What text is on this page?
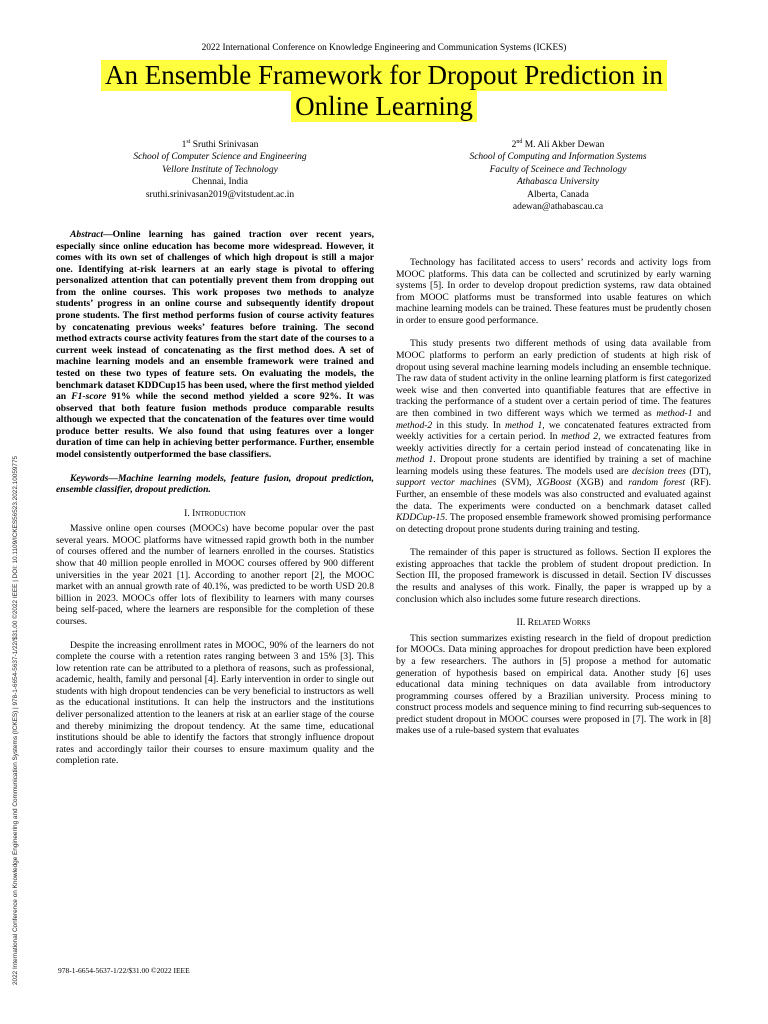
2022 International Conference on Knowledge Engineering and Communication Systems (ICKES)
An Ensemble Framework for Dropout Prediction in
Online Learning
1st Sruthi Srinivasan
School of Computer Science and Engineering
Vellore Institute of Technology
Chennai, India
sruthi.srinivasan2019@vitstudent.ac.in
2nd M. Ali Akber Dewan
School of Computing and Information Systems
Faculty of Sceinece and Technology
Athabasca University
Alberta, Canada
adewan@athabascau.ca

Abstract—Online learning has gained traction over recent years, especially since online education has become more widespread. However, it comes with its own set of challenges of which high dropout is still a major one. Identifying at-risk learners at an early stage is pivotal to offering personalized attention that can potentially prevent them from dropping out from the online courses. This work proposes two methods to analyze students’ progress in an online course and subsequently identify dropout prone students. The first method performs fusion of course activity features by concatenating previous weeks’ features before training. The second method extracts course activity features from the start date of the courses to a current week instead of concatenating as the first method does. A set of machine learning models and an ensemble framework were trained and tested on these two types of feature sets. On evaluating the models, the benchmark dataset KDDCup15 has been used, where the first method yielded an F1-score 91% while the second method yielded a score 92%. It was observed that both feature fusion methods produce comparable results although we expected that the concatenation of the features over time would produce better results. We also found that using features over a longer duration of time can help in achieving better performance. Further, ensemble model consistently outperformed the base classifiers.

Keywords—Machine learning models, feature fusion, dropout prediction, ensemble classifier, dropout prediction.

I. Introduction

Massive online open courses (MOOCs) have become popular over the past several years. MOOC platforms have witnessed rapid growth both in the number of courses offered and the number of learners enrolled in the courses. Statistics show that 40 million people enrolled in MOOC courses offered by 900 different universities in the year 2021 [1]. According to another report [2], the MOOC market with an annual growth rate of 40.1%, was predicted to be worth USD 20.8 billion in 2023. MOOCs offer lots of flexibility to learners with many courses being self-paced, where the learners are responsible for the completion of these courses.

Despite the increasing enrollment rates in MOOC, 90% of the learners do not complete the course with a retention rates ranging between 3 and 15% [3]. This low retention rate can be attributed to a plethora of reasons, such as professional, academic, health, family and personal [4]. Early intervention in order to single out students with high dropout tendencies can be very beneficial to instructors as well as the educational institutions. It can help the instructors and the institutions deliver personalized attention to the leaners at risk at an earlier stage of the course and thereby minimizing the dropout tendency. At the same time, educational institutions should be able to identify the factors that strongly influence dropout rates and accordingly tailor their courses to ensure maximum quality and the completion rate.

Technology has facilitated access to users’ records and activity logs from MOOC platforms. This data can be collected and scrutinized by early warning systems [5]. In order to develop dropout prediction systems, raw data obtained from MOOC platforms must be transformed into usable features on which machine learning models can be trained. These features must be prudently chosen in order to ensure good performance.

This study presents two different methods of using data available from MOOC platforms to perform an early prediction of students at high risk of dropout using several machine learning models including an ensemble technique. The raw data of student activity in the online learning platform is first categorized week wise and then converted into quantifiable features that are effective in tracking the performance of a student over a certain period of time. The features are then combined in two different ways which we termed as method-1 and method-2 in this study. In method 1, we concatenated features extracted from weekly activities for a certain period. In method 2, we extracted features from weekly activities directly for a certain period instead of concatenating like in method 1. Dropout prone students are identified by training a set of machine learning models using these features. The models used are decision trees (DT), support vector machines (SVM), XGBoost (XGB) and random forest (RF). Further, an ensemble of these models was also constructed and evaluated against the data. The experiments were conducted on a benchmark dataset called KDDCup-15. The proposed ensemble framework showed promising performance on detecting dropout prone students during training and testing.

The remainder of this paper is structured as follows. Section II explores the existing approaches that tackle the problem of student dropout prediction. In Section III, the proposed framework is discussed in detail. Section IV discusses the results and analyses of this work. Finally, the paper is wrapped up by a conclusion which also includes some future research directions.

II. Related Works

This section summarizes existing research in the field of dropout prediction for MOOCs. Data mining approaches for dropout prediction have been explored by a few researchers. The authors in [5] propose a method for automatic generation of hypothesis based on empirical data. Another study [6] uses educational data mining techniques on data available from introductory programming courses offered by a Brazilian university. Process mining to construct process models and sequence mining to find recurring sub-sequences to predict student dropout in MOOC courses were proposed in [7]. The work in [8] makes use of a rule-based system that evaluates

2022 International Conference on Knowledge Engineering and Communication Systems (ICKES) | 978-1-6654-5637-1/22/$31.00 ©2022 IEEE | DOI: 10.1109/ICKES56523.2022.10059775	978-1-6654-5637-1/22/$31.00 ©2022 IEEE
